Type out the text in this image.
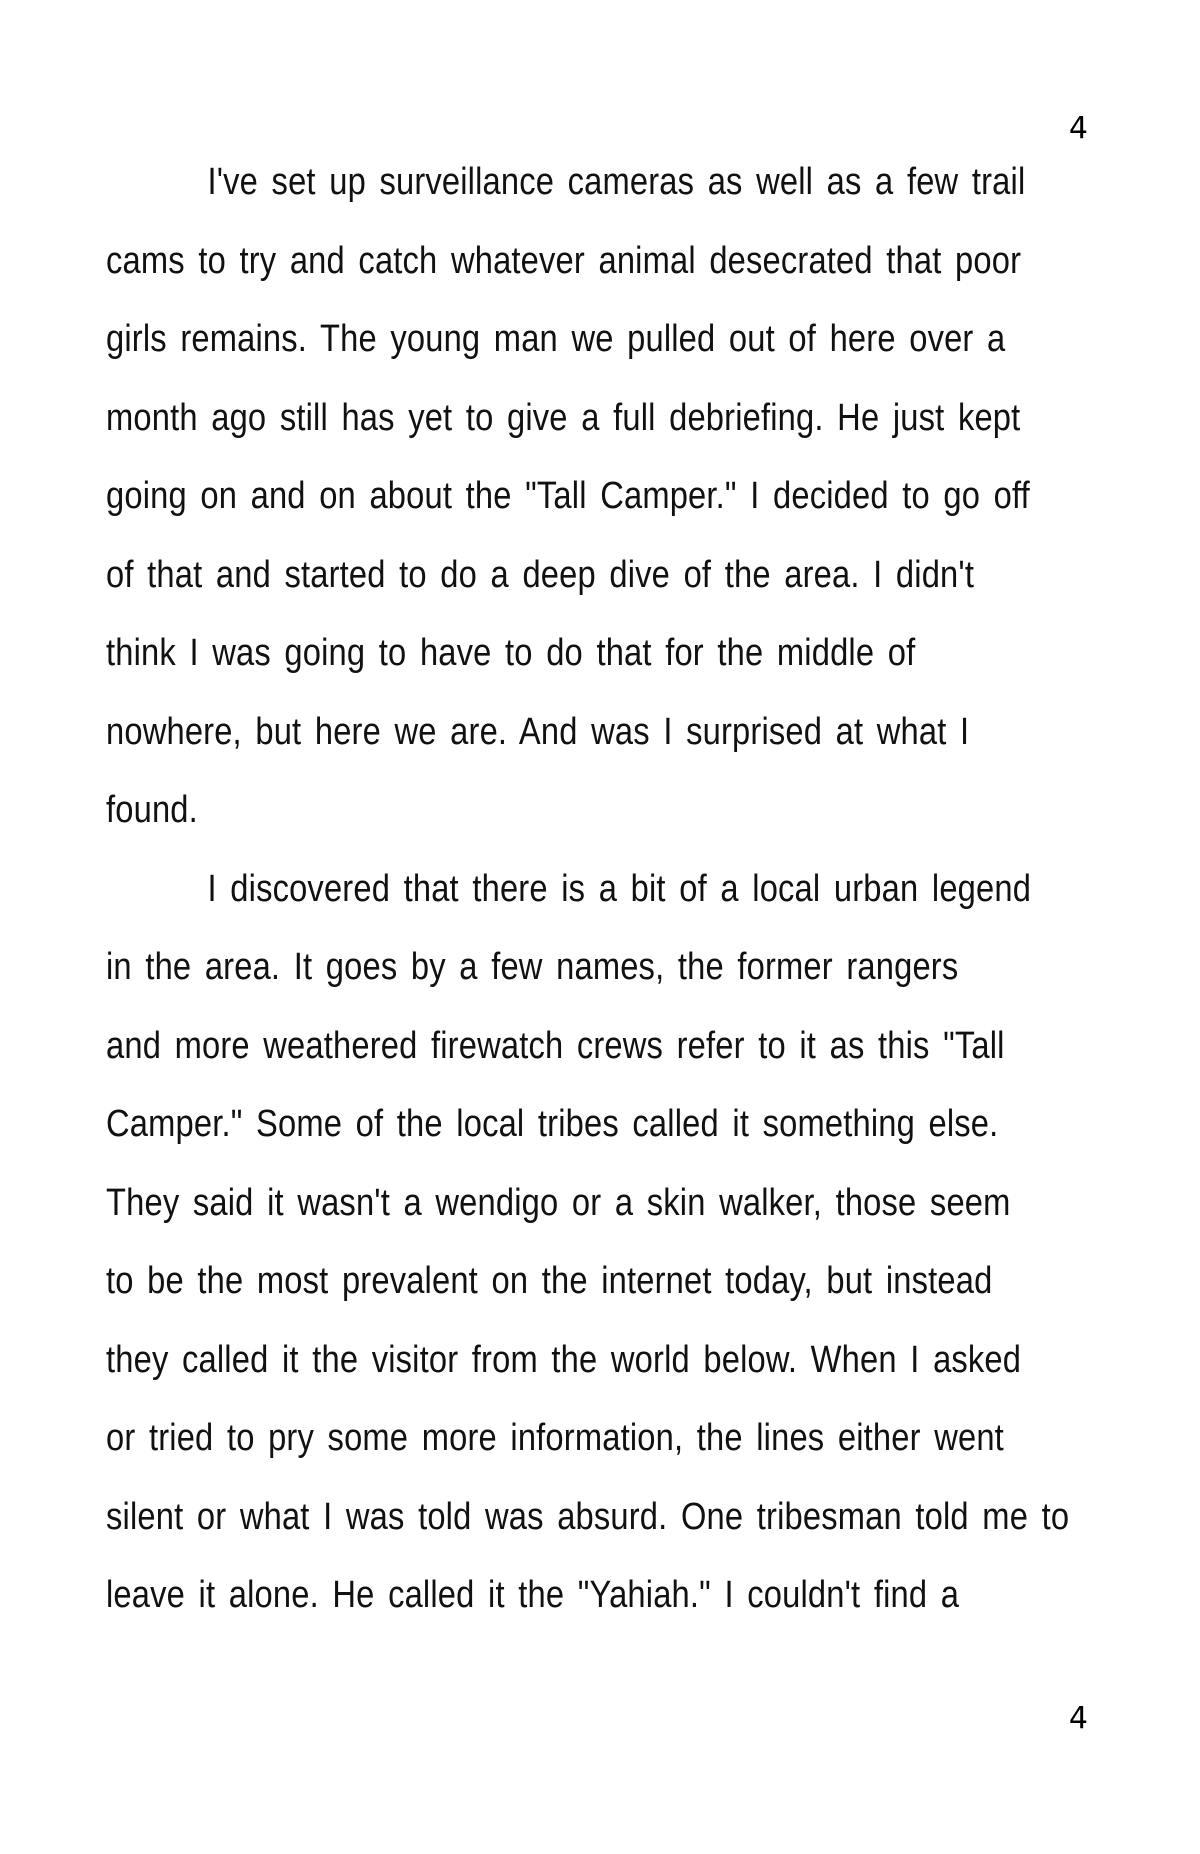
4
I've set up surveillance cameras as well as a few trail
cams to try and catch whatever animal desecrated that poor
girls remains. The young man we pulled out of here over a
month ago still has yet to give a full debriefing. He just kept
going on and on about the "Tall Camper." I decided to go off
of that and started to do a deep dive of the area. I didn't
think I was going to have to do that for the middle of
nowhere, but here we are. And was I surprised at what I
found.
I discovered that there is a bit of a local urban legend
in the area. It goes by a few names, the former rangers
and more weathered firewatch crews refer to it as this "Tall
Camper." Some of the local tribes called it something else.
They said it wasn't a wendigo or a skin walker, those seem
to be the most prevalent on the internet today, but instead
they called it the visitor from the world below. When I asked
or tried to pry some more information, the lines either went
silent or what I was told was absurd. One tribesman told me to
leave it alone. He called it the "Yahiah." I couldn't find a
4
